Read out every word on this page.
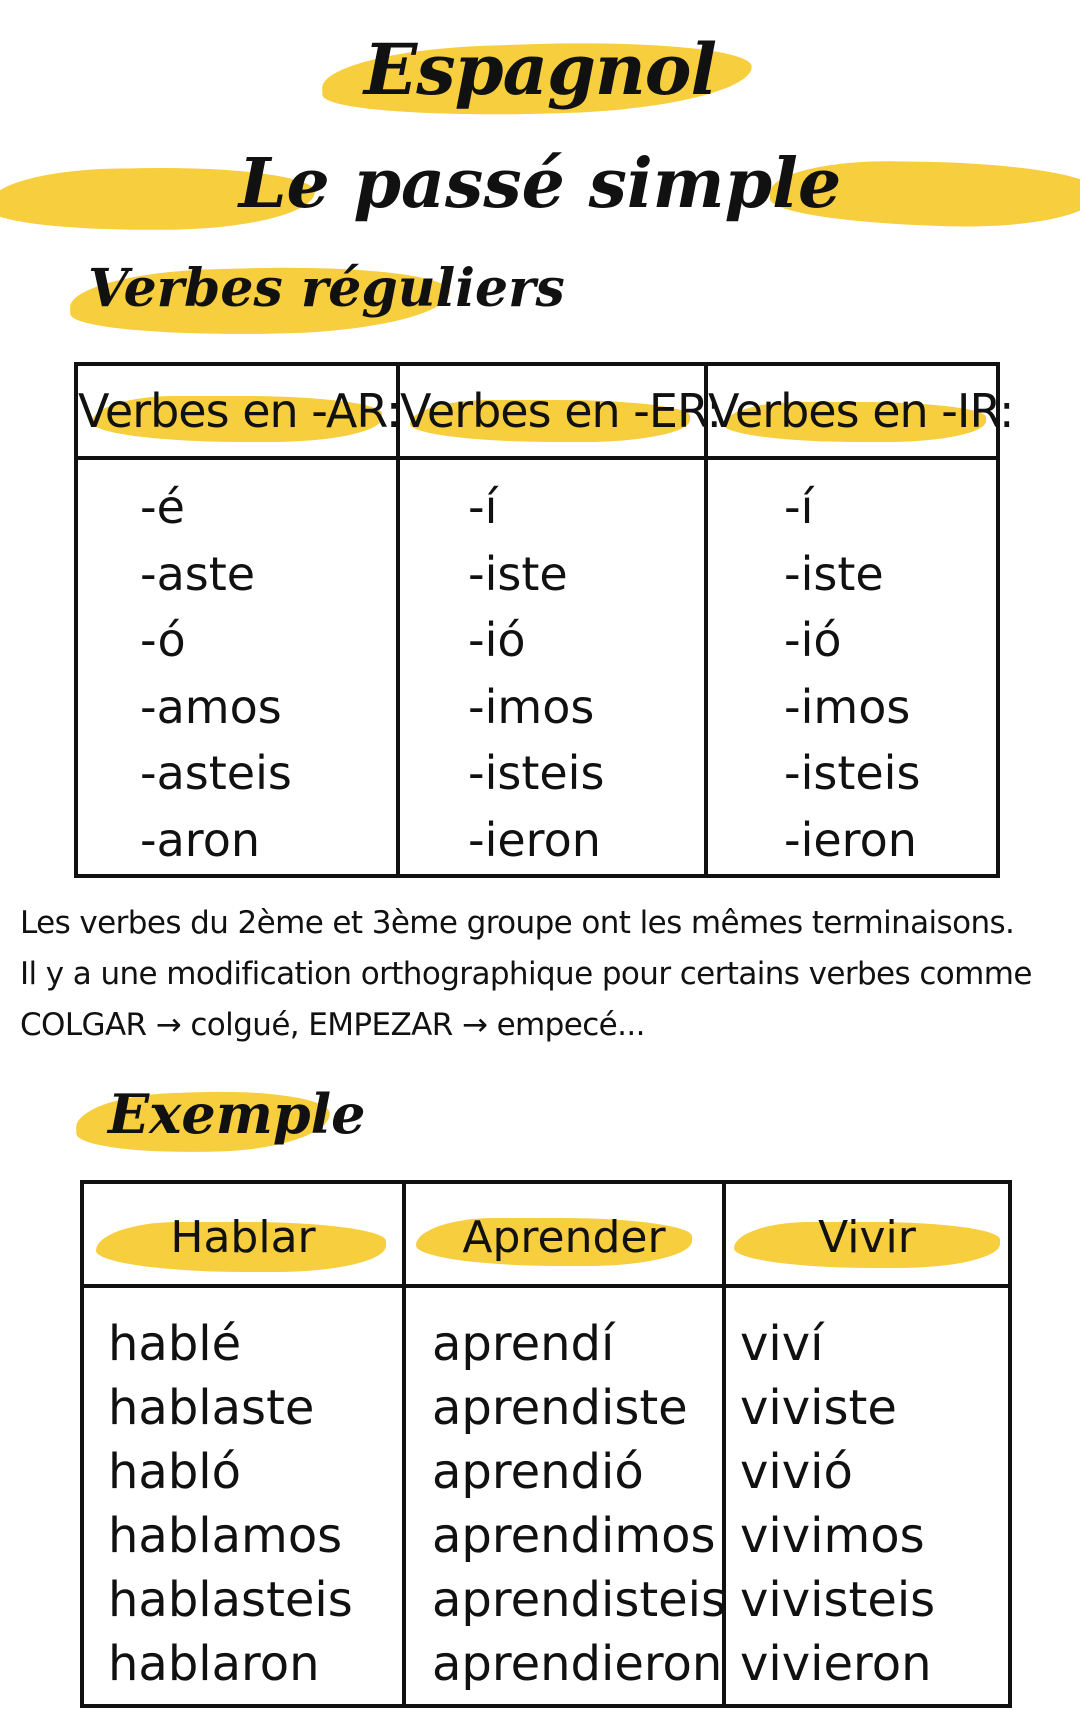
Espagnol
Le passé simple
Verbes réguliers
Verbes en -AR:
-é
-aste
-ó
-amos
-asteis
-aron
Verbes en -ER:
-í
-iste
-ió
-imos
-isteis
-ieron
Verbes en -IR:
-í
-iste
-ió
-imos
-isteis
-ieron
Les verbes du 2ème et 3ème groupe ont les mêmes terminaisons.
Il y a une modification orthographique pour certains verbes comme
COLGAR → colgué, EMPEZAR → empecé...
Exemple
Hablar
hablé
hablaste
habló
hablamos
hablasteis
hablaron
Aprender
aprendí
aprendiste
aprendió
aprendimos
aprendisteis
aprendieron
Vivir
viví
viviste
vivió
vivimos
vivisteis
vivieron
